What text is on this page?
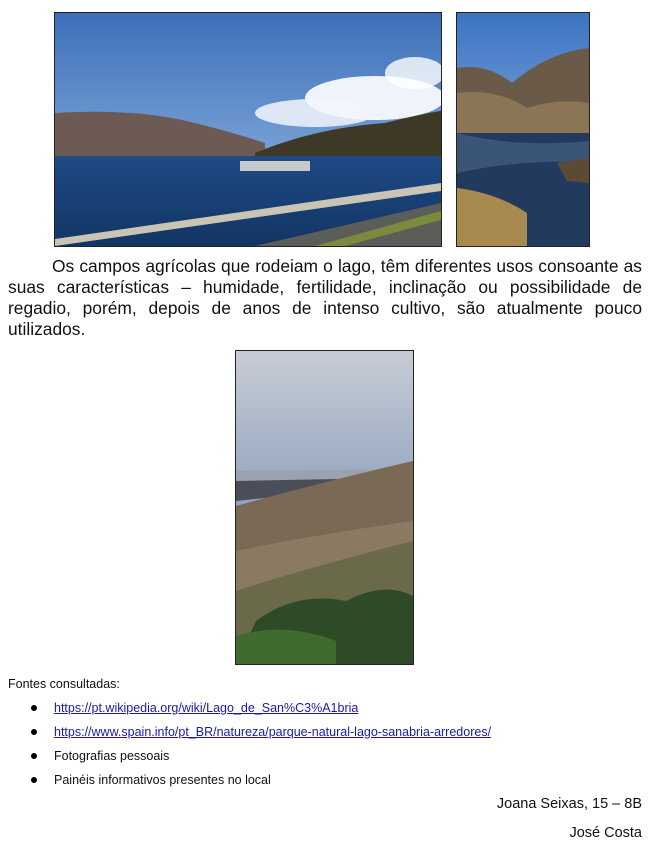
Os campos agrícolas que rodeiam o lago, têm diferentes usos consoante as suas características – humidade, fertilidade, inclinação ou possibilidade de regadio, porém, depois de anos de intenso cultivo, são atualmente pouco utilizados.

Fontes consultadas:

https://pt.wikipedia.org/wiki/Lago_de_San%C3%A1bria
https://www.spain.info/pt_BR/natureza/parque-natural-lago-sanabria-arredores/
Fotografias pessoais
Painéis informativos presentes no local

Joana Seixas, 15 – 8B

José Costa
